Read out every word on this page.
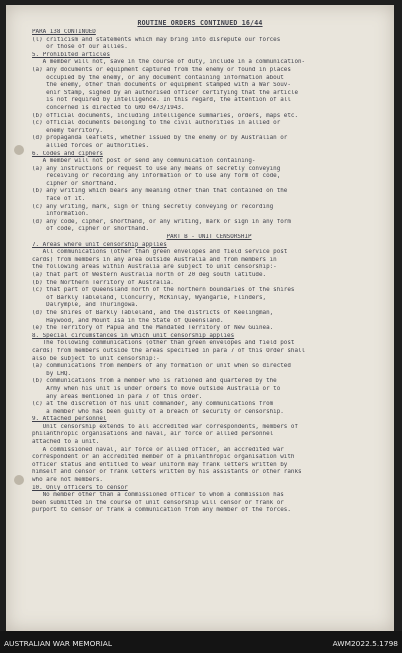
ROUTINE ORDERS CONTINUED 16/44
PARA 138 CONTINUED
(l) criticism and statements which may bring into disrepute our forces
or those of our allies.
5. Prohibited articles
A member will not, save in the course of duty, include in a communication-
(a) any documents or equipment captured from the enemy or found in places
occupied by the enemy, or any document containing information about
the enemy, other than documents or equipment stamped with a War Souv-
enir Stamp, signed by an authorised officer certifying that the article
is not required by Intelligence. In this regard, the attention of all
concerned is directed to GRO 0473/1943.
(b) official documents, including Intelligence summaries, orders, maps etc.
(c) official documents belonging to the civil authorities in allied or
enemy territory.
(d) propaganda leaflets, whether issued by the enemy or by Australian or
allied forces or authorities.
6. Codes and ciphers
A member will not post or send any communication containing-
(a) any instructions or request to use any means of secretly conveying
receiving or recording any information or to use any form of code,
cipher or shorthand.
(b) any writing which bears any meaning other than that contained on the
face of it.
(c) any writing, mark, sign or thing secretly conveying or recording
information.
(d) any code, cipher, shorthand, or any writing, mark or sign in any form
of code, cipher or shorthand.
PART B - UNIT CENSORSHIP
7. Areas where unit censorship applies
All communications (other than green envelopes and field service post
cards) from members in any area outside Australia and from members in
the following areas within Australia are subject to unit censorship:-
(a) that part of Western Australia north of 20 deg south latitude.
(b) the Northern Territory of Australia.
(c) that part of Queensland north of the northern boundaries of the shires
of Barkly Tableland, Cloncurry, McKinlay, Wyangarie, Flinders,
Dalrymple, and Thuringowa.
(d) the shires of Barkly Tableland, and the districts of Keelingman,
Haywood, and Mount Isa in the State of Queensland.
(e) the Territory of Papua and the Mandated Territory of New Guinea.
8. Special circumstances in which unit censorship applies
The following communications (other than green envelopes and field post
cards) from members outside the areas specified in para 7 of this Order shall
also be subject to unit censorship:-
(a) communications from members of any formation or unit when so directed
by LHQ.
(b) communications from a member who is rationed and quartered by the
Army when his unit is under orders to move outside Australia or to
any areas mentioned in para 7 of this order.
(c) at the discretion of his unit commander, any communications from
a member who has been guilty of a breach of security or censorship.
9. Attached personnel
Unit censorship extends to all accredited war correspondents, members of
philanthropic organisations and naval, air force or allied personnel
attached to a unit.
A commissioned naval, air force or allied officer, an accredited war
correspondent or an accredited member of a philanthropic organisation with
officer status and entitled to wear uniform may frank letters written by
himself and censor or frank letters written by his assistants or other ranks
who are not members.
10. Only officers to censor
No member other than a commissioned officer to whom a commission has
been submitted in the course of unit censorship will censor or frank or
purport to censor or frank a communication from any member of the forces.
AUSTRALIAN WAR MEMORIAL	AWM2022.5.1798
